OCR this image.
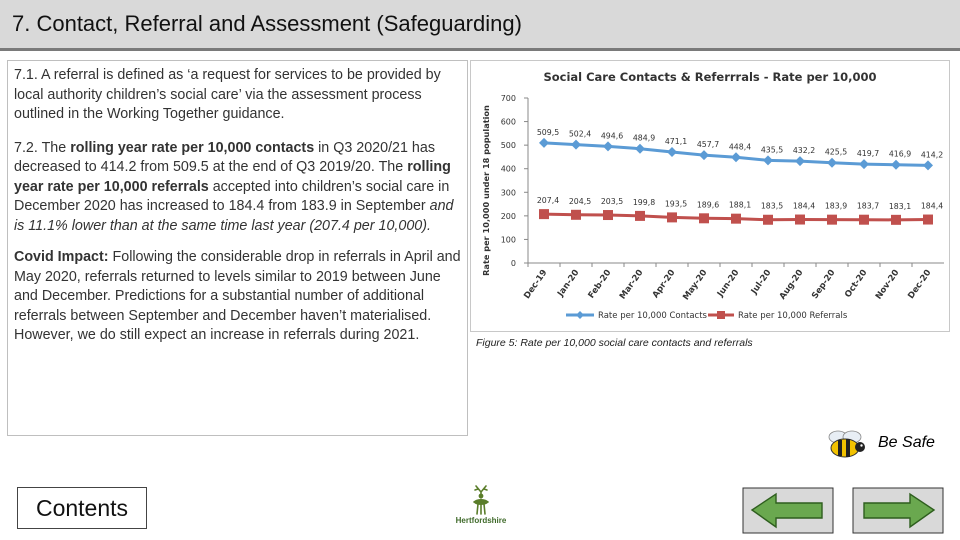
7. Contact, Referral and Assessment (Safeguarding)

7.1. A referral is defined as ‘a request for services to be provided by local authority children’s social care’ via the assessment process outlined in the Working Together guidance.

7.2. The rolling year rate per 10,000 contacts in Q3 2020/21 has decreased to 414.2 from 509.5 at the end of Q3 2019/20. The rolling year rate per 10,000 referrals accepted into children’s social care in December 2020 has increased to 184.4 from 183.9 in September and is 11.1% lower than at the same time last year (207.4 per 10,000).

Covid Impact: Following the considerable drop in referrals in April and May 2020, referrals returned to levels similar to 2019 between June and December. Predictions for a substantial number of additional referrals between September and December haven’t materialised. However, we do still expect an increase in referrals during 2021.

Social Care Contacts & Referrrals - Rate per 10,000
Rate per 10,000 under 18 population 0
100
200
300
400
500
600
700
Dec-19 Jan-20 Feb-20 Mar-20 Apr-20 May-20 Jun-20 Jul-20 Aug-20 Sep-20 Oct-20 Nov-20 Dec-20
509,5 502,4 494,6 484,9 471,1 457,7 448,4 435,5 432,2 425,5 419,7 416,9 414,2
207,4 204,5 203,5 199,8 193,5 189,6 188,1 183,5 184,4 183,9 183,7 183,1 184,4
Rate per 10,000 Contacts	Rate per 10,000 Referrals
Figure 5: Rate per 10,000 social care contacts and referrals
Be Safe
Contents	Hertfordshire
